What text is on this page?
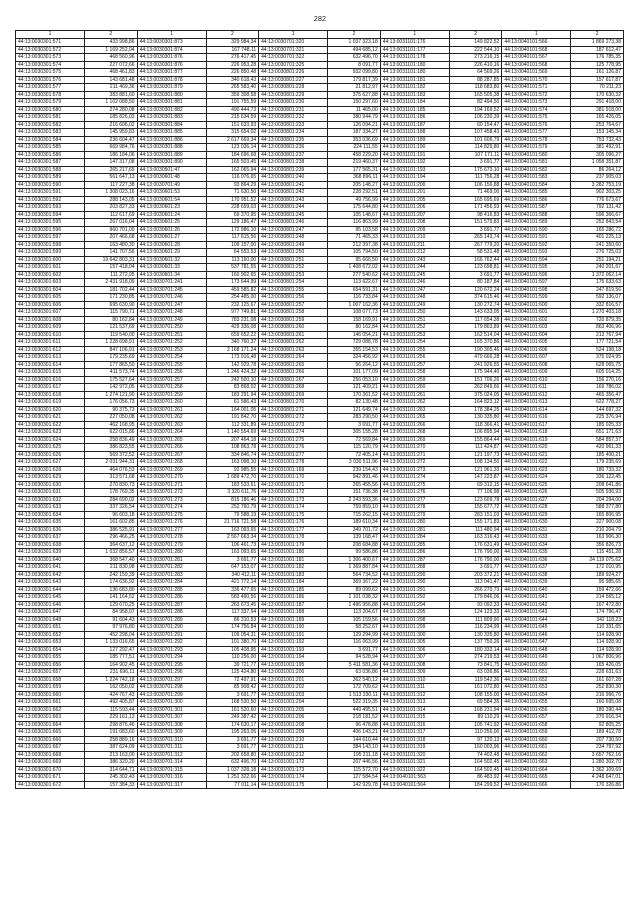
282
1	2	1	2	1	2	1	2	1	2
44:13:0030301:571	433 998,86	44:13:0030301:873	329 984,34	44:13:0030701:320	1 037 323,18	44:13:0031101:176	149 822,52	44:13:0040101:566	1 869 273,38
44:13:0030301:572	1 169 252,04	44:13:0030301:874	167 748,11	44:13:0030701:321	494 685,12	44:13:0031101:177	222 544,10	44:13:0040101:568	187 612,47
44:13:0030301:573	468 560,96	44:13:0030301:876	276 417,45	44:13:0030701:322	632 496,70	44:13:0031101:178	273 216,15	44:13:0040101:567	176 785,35
44:13:0030301:574	227 072,66	44:13:0030301:876	226 953,28	44:13:0030701:325	8 091,77	44:13:0031101:180	226 410,16	44:13:0040101:568	125 778,95
44:13:0030301:575	468 461,83	44:13:0030301:877	226 850,48	44:13:0030801:226	932 099,80	44:13:0031101:180	64 569,26	44:13:0040101:569	161 126,87
44:13:0030301:576	143 681,48	44:13:0030301:878	340 618,43	44:13:0030801:227	179 817,39	44:13:0031101:181	88 287,85	44:13:0040101:570	157 617,87
44:13:0030301:577	211 469,36	44:13:0030301:879	265 583,40	44:13:0030801:228	21 812,97	44:13:0031101:182	118 683,80	44:13:0040101:571	70 211,23
44:13:0030301:578	383 881,60	44:13:0030301:880	359 308,58	44:13:0030801:229	375 627,88	44:13:0031101:183	165 505,38	44:13:0040101:572	170 630,32
44:13:0030301:579	1 102 088,50	44:13:0030301:881	191 755,59	44:13:0030801:230	150 297,60	44:13:0031101:184	82 494,50	44:13:0040101:573	291 418,00
44:13:0030301:580	274 280,08	44:13:0030301:882	490 444,73	44:13:0030801:231	11 465,00	44:13:0031101:185	194 169,52	44:13:0040101:574	381 918,00
44:13:0030301:581	185 826,03	44:13:0030301:883	215 634,59	44:13:0030801:232	380 944,79	44:13:0031101:186	106 230,39	44:13:0040101:575	165 426,05
44:13:0030301:582	216 606,02	44:13:0030301:884	151 633,93	44:13:0030801:233	126 094,21	44:13:0031101:187	60 154,47	44:13:0040101:576	253 764,67
44:13:0030301:583	145 959,83	44:13:0030301:885	315 654,02	44:13:0030801:234	187 334,27	44:13:0031101:188	107 458,43	44:13:0040101:577	153 145,34
44:13:0030301:584	236 604,47	44:13:0030301:886	2 617 669,34	44:13:0030801:235	353 036,69	44:13:0031101:189	101 606,79	44:13:0040101:578	753 732,43
44:13:0030301:585	669 984,76	44:13:0030301:888	123 036,14	44:13:0030801:236	224 111,55	44:13:0031101:190	114 829,80	44:13:0040101:579	381 492,91
44:13:0030301:586	186 184,06	44:13:0030301:889	184 696,68	44:13:0030801:237	458 229,20	44:13:0031101:191	107 171,11	44:13:0040101:580	305 096,27
44:13:0030301:587	147 317,08	44:13:0030301:890	165 503,45	44:13:0030801:238	219 460,37	44:13:0031101:192	3 691,77	44:13:0040101:581	1 058 351,87
44:13:0030301:588	265 217,65	44:13:0030501:47	162 065,94	44:13:0030801:239	177 565,31	44:13:0031101:193	175 673,10	44:13:0040101:582	86 264,12
44:13:0030301:589	561 647,13	44:13:0030601:48	116 076,65	44:13:0030801:240	368 896,11	44:13:0031101:194	111 756,28	44:13:0040101:583	237 905,03
44:13:0030301:590	117 227,38	44:13:0030701:49	93 864,29	44:13:0030801:241	205 148,27	44:13:0031101:200	106 156,88	44:13:0040101:584	3 282 753,19
44:13:0030301:591	1 308 023,16	44:13:0030601:53	71 630,50	44:13:0030801:242	228 292,51	44:13:0031101:201	71 469,00	44:13:0040101:585	902 303,25
44:13:0030301:592	288 143,05	44:13:0030601:54	170 951,52	44:13:0030801:243	49 756,99	44:13:0031101:205	165 695,69	44:13:0040101:586	776 673,67
44:13:0030301:593	203 827,33	44:13:0030601:23	228 659,03	44:13:0030801:244	175 644,80	44:13:0031101:206	171 456,93	44:13:0040101:587	792 131,42
44:13:0030301:594	112 617,69	44:13:0030601:24	69 370,95	44:13:0030801:245	105 148,67	44:13:0031101:207	98 416,83	44:13:0040101:588	596 366,67
44:13:0030301:595	267 016,04	44:13:0030601:25	129 186,47	44:13:0030801:246	116 863,99	44:13:0031101:208	151 579,83	44:13:0040101:589	252 843,54
44:13:0030301:596	960 701,00	44:13:0030601:26	172 986,10	44:13:0030801:247	95 103,58	44:13:0031101:209	3 691,77	44:13:0040101:590	165 286,72
44:13:0030301:597	207 466,68	44:13:0030601:27	117 615,56	44:13:0030801:248	71 465,33	44:13:0031101:210	265 143,74	44:13:0040101:591	401 225,13
44:13:0030301:598	163 480,30	44:13:0030601:28	109 157,00	44:13:0030801:249	212 397,38	44:13:0031101:211	267 779,20	44:13:0040101:592	241 350,60
44:13:0030301:599	141 707,56	44:13:0030601:29	64 553,53	44:13:0030801:250	105 794,50	44:13:0031101:212	58 531,48	44:13:0040101:593	276 725,03
44:13:0030301:600	19 642 803,31	44:13:0030601:32	113 160,00	44:13:0030801:251	95 666,50	44:13:0031101:243	166 762,44	44:13:0040101:594	251 194,21
44:13:0030301:601	157 418,04	44:13:0030601:33	537 781,55	44:13:0030801:252	1 408 672,02	44:13:0031101:244	123 698,81	44:13:0040101:595	240 201,67
44:13:0030301:602	111 272,95	44:13:0030601:34	160 902,65	44:13:0030801:253	277 540,62	44:13:0031101:245	3 691,77	44:13:0040101:596	1 372 062,14
44:13:0030301:603	2 431 918,09	44:13:0030701:241	173 644,99	44:13:0030801:254	113 622,67	44:13:0031101:246	80 187,84	44:13:0040101:597	175 633,63
44:13:0030301:604	181 702,44	44:13:0030701:245	459 585,82	44:13:0030801:255	654 591,31	44:13:0031101:247	120 672,24	44:13:0040101:598	247 819,56
44:13:0030301:605	171 230,85	44:13:0030701:246	254 485,00	44:13:0030801:256	116 733,84	44:13:0031101:248	374 615,46	44:13:0040101:599	592 136,07
44:13:0030301:606	695 630,90	44:13:0030701:247	232 125,67	44:13:0030801:257	1 007 162,36	44:13:0031101:249	130 272,74	44:13:0040101:600	332 816,57
44:13:0030301:607	115 790,71	44:13:0030701:248	977 749,81	44:13:0030801:258	108 077,73	44:13:0031101:250	143 633,05	44:13:0040101:601	1 270 403,18
44:13:0030301:608	80 162,84	44:13:0030701:249	783 231,08	44:13:0030801:259	158 169,91	44:13:0031101:251	117 654,38	44:13:0040101:602	720 879,35
44:13:0030301:609	121 537,69	44:13:0030701:250	429 336,08	44:13:0030801:260	80 162,84	44:13:0031101:252	179 863,89	44:13:0040101:603	863 406,96
44:13:0030301:610	119 540,00	44:13:0030701:251	659 652,22	44:13:0030801:261	146 054,21	44:13:0031101:253	162 514,04	44:13:0040101:604	213 767,94
44:13:0030301:611	1 228 698,91	44:13:0030701:252	340 760,37	44:13:0030801:262	729 088,78	44:13:0031101:254	165 370,86	44:13:0040101:605	177 721,54
44:13:0030301:612	847 106,91	44:13:0030701:253	2 168 171,24	44:13:0030801:263	355 154,53	44:13:0031101:255	190 305,46	44:13:0040101:606	524 198,18
44:13:0030301:613	179 235,69	44:13:0030701:254	173 916,48	44:13:0030801:264	324 456,92	44:13:0031101:256	479 666,28	44:13:0040101:607	375 024,95
44:13:0030301:614	177 865,50	44:13:0030701:255	142 929,78	44:13:0030801:265	56 264,12	44:13:0031101:257	241 926,55	44:13:0040101:608	628 065,75
44:13:0030301:615	411 573,74	44:13:0030701:256	1 246 424,32	44:13:0030801:266	101 177,09	44:13:0031101:258	175 944,40	44:13:0040101:609	605 014,25
44:13:0030301:616	175 527,64	44:13:0030701:257	242 500,10	44:13:0030801:267	256 053,10	44:13:0031101:259	151 706,26	44:13:0040101:610	156 270,16
44:13:0030301:617	142 972,05	44:13:0030701:258	83 868,02	44:13:0030801:268	121 409,21	44:13:0031101:260	262 849,66	44:13:0040101:611	169 786,02
44:13:0030301:618	1 274 121,90	44:13:0030701:259	183 291,94	44:13:0030801:269	170 361,52	44:13:0031101:261	375 024,05	44:13:0040101:612	465 356,47
44:13:0030301:619	176 056,73	44:13:0030701:260	61 586,43	44:13:0030801:270	82 130,48	44:13:0031101:262	164 823,12	44:13:0040101:613	622 778,27
44:13:0030301:620	90 375,73	44:13:0030701:261	164 001,05	44:13:0030801:271	121 649,74	44:13:0031101:263	178 384,25	44:13:0040101:614	144 697,32
44:13:0030301:621	227 050,08	44:13:0030701:262	191 842,70	44:13:0030801:272	283 290,50	44:13:0031101:265	130 335,80	44:13:0040101:616	225 376,94
44:13:0030301:622	462 168,95	44:13:0030701:263	112 331,89	44:13:0031001:273	3 691,77	44:13:0031101:266	118 366,41	44:13:0040101:617	185 025,33
44:13:0030301:623	622 015,86	44:13:0030701:264	1 140 554,69	44:13:0031001:274	305 155,28	44:13:0031101:268	106 895,94	44:13:0040101:618	651 171,63
44:13:0030301:624	258 836,49	44:13:0030701:265	207 464,18	44:13:0031001:275	72 569,84	44:13:0031101:269	155 864,44	44:13:0040101:619	584 857,37
44:13:0030301:625	386 823,55	44:13:0030701:266	108 863,78	44:13:0031001:276	115 120,79	44:13:0031101:270	111 424,87	44:13:0040101:620	420 961,33
44:13:0030301:626	569 372,52	44:13:0030701:267	334 846,74	44:13:0031001:277	72 405,14	44:13:0031101:271	121 197,73	44:13:0040101:621	185 400,21
44:13:0030301:627	2 031 944,31	44:13:0030701:268	163 098,10	44:13:0031001:278	3 030 511,96	44:13:0031101:272	108 134,50	44:13:0040101:622	179 235,69
44:13:0030301:628	464 076,53	44:13:0030701:269	92 985,55	44:13:0031001:169	239 154,43	44:13:0031101:273	121 961,33	44:13:0040101:623	180 733,32
44:13:0030301:629	313 571,68	44:13:0030701:270	1 689 472,70	44:13:0031001:170	942 891,46	44:13:0031101:274	147 223,87	44:13:0040101:624	336 122,45
44:13:0030301:630	270 830,73	44:13:0030701:271	183 533,61	44:13:0031001:171	265 455,56	44:13:0031101:275	69 312,15	44:13:0040101:625	208 641,86
44:13:0030301:631	178 769,35	44:13:0030701:272	3 320 611,76	44:13:0031001:172	151 736,38	44:13:0031101:276	77 106,98	44:13:0040101:626	505 936,93
44:13:0030301:632	284 690,02	44:13:0030701:273	815 186,46	44:13:0031001:173	2 243 593,36	44:13:0031101:277	123 609,78	44:13:0040101:627	204 294,00
44:13:0030301:633	337 326,54	44:13:0030701:274	252 760,79	44:13:0031001:174	759 859,10	44:13:0031101:278	155 677,72	44:13:0040101:628	588 377,80
44:13:0030301:634	96 603,18	44:13:0030701:275	79 588,19	44:13:0031001:175	715 262,15	44:13:0031101:279	283 151,03	44:13:0040101:629	165 806,95
44:13:0030301:635	161 602,85	44:13:0030701:276	21 716 721,58	44:13:0031001:176	189 610,34	44:13:0031101:280	155 171,83	44:13:0040101:630	227 900,08
44:13:0030301:636	386 525,91	44:13:0030701:277	163 093,65	44:13:0031001:177	349 701,72	44:13:0031101:281	111 480,94	44:13:0040101:631	210 204,79
44:13:0030301:637	296 466,25	44:13:0030701:278	2 567 663,34	44:13:0031001:178	139 168,47	44:13:0031101:284	163 316,43	44:13:0040101:633	163 906,30
44:13:0030301:638	364 637,12	44:13:0030701:279	106 461,73	44:13:0031001:179	208 684,88	44:13:0031101:285	176 631,49	44:13:0040101:634	356 826,73
44:13:0030301:639	1 032 856,57	44:13:0030701:280	163 093,65	44:13:0031001:180	99 586,86	44:13:0031101:286	176 790,00	44:13:0040101:635	115 451,28
44:13:0030301:640	368 547,40	44:13:0030701:281	3 691,77	44:13:0031001:181	1 306 400,67	44:13:0031101:287	176 790,00	44:13:0040101:636	24 119 075,62
44:13:0030301:641	211 830,98	44:13:0030701:282	647 153,07	44:13:0031001:182	1 369 887,84	44:13:0031101:288	3 691,77	44:13:0040101:637	172 010,95
44:13:0030301:642	242 159,39	44:13:0030701:283	340 412,11	44:13:0031001:183	564 734,52	44:13:0031101:290	203 372,21	44:13:0040101:638	189 924,27
44:13:0030301:643	174 636,92	44:13:0030701:284	421 772,14	44:13:0031001:184	369 367,22	44:13:0031101:290	113 041,47	44:13:0040101:639	95 985,65
44:13:0030301:644	136 683,80	44:13:0030701:285	336 477,65	44:13:0031001:185	89 099,62	44:13:0031101:291	266 270,73	44:13:0040101:640	159 472,66
44:13:0030301:645	141 164,52	44:13:0030701:286	583 490,56	44:13:0031001:186	1 101 038,32	44:13:0031101:292	179 846,06	44:13:0040101:641	214 565,12
44:13:0030301:646	129 670,25	44:13:0030701:287	263 673,45	44:13:0031001:187	1 496 956,88	44:13:0031101:294	93 092,33	44:13:0040101:642	167 472,80
44:13:0030301:647	84 958,07	44:13:0030701:288	117 337,94	44:13:0031001:188	113 204,67	44:13:0031101:295	124 123,33	44:13:0040101:643	174 796,47
44:13:0030301:648	91 604,43	44:13:0030701:289	86 310,53	44:13:0031001:189	105 159,56	44:13:0031101:298	111 809,90	44:13:0040101:644	342 118,23
44:13:0030301:651	97 976,80	44:13:0030701:290	174 756,84	44:13:0031001:190	58 252,67	44:13:0031101:299	116 234,99	44:13:0040101:645	110 331,65
44:13:0030301:652	452 298,04	44:13:0030701:291	109 054,31	44:13:0031001:191	129 294,99	44:13:0031101:300	130 335,80	44:13:0040101:646	114 928,90
44:13:0030301:653	1 133 016,65	44:13:0030701:292	101 380,70	44:13:0031001:192	116 063,99	44:13:0031101:305	137 750,26	44:13:0040101:647	114 928,90
44:13:0030301:654	127 292,47	44:13:0030701:293	105 408,95	44:13:0031001:193	3 691,77	44:13:0031101:306	180 332,14	44:13:0040101:648	114 928,90
44:13:0030301:655	185 777,51	44:13:0030701:294	110 256,00	44:13:0031001:194	94 528,94	44:13:0031101:307	274 219,53	44:13:0040101:649	1 067 806,96
44:13:0030301:656	164 902,45	44:13:0030701:295	39 721,77	44:13:0031001:195	5 411 581,36	44:13:0031101:308	73 841,75	44:13:0040101:650	165 426,05
44:13:0030301:657	231 696,11	44:13:0030701:296	125 424,80	44:13:0031001:200	63 036,86	44:13:0031101:309	63 036,86	44:13:0040101:651	228 631,63
44:13:0030301:658	1 224 742,18	44:13:0030701:297	72 497,91	44:13:0031001:201	362 540,12	44:13:0031101:310	119 542,36	44:13:0040101:652	161 607,28
44:13:0030301:659	162 050,02	44:13:0030701:298	85 908,42	44:13:0031001:202	172 709,62	44:13:0031101:311	161 072,80	44:13:0040101:653	252 830,30
44:13:0030301:660	424 767,43	44:13:0030701:299	3 691,77	44:13:0031001:203	1 513 330,11	44:13:0031101:312	108 155,00	44:13:0040101:654	216 996,76
44:13:0030301:661	492 405,87	44:13:0030701:300	168 530,50	44:13:0031001:204	522 319,35	44:13:0031101:313	69 584,35	44:13:0040101:655	160 695,08
44:13:0030301:662	115 593,44	44:13:0030701:301	161 520,60	44:13:0031001:205	449 495,51	44:13:0031101:314	168 231,94	44:13:0040101:656	180 390,44
44:13:0030301:663	229 161,13	44:13:0030701:307	249 387,42	44:13:0031001:206	218 181,52	44:13:0031101:315	89 110,29	44:13:0040101:657	270 916,34
44:13:0030301:664	298 876,46	44:13:0030701:308	174 630,17	44:13:0031001:208	96 478,88	44:13:0031101:316	105 741,92	44:13:0040101:658	92 805,25
44:13:0030301:665	191 083,60	44:13:0030701:309	195 263,05	44:13:0031001:209	406 143,21	44:13:0031101:317	110 256,00	44:13:0040101:659	189 412,78
44:13:0030301:666	258 889,16	44:13:0030701:310	3 691,77	44:13:0031001:210	144 610,44	44:13:0031101:318	97 120,13	44:13:0040101:660	207 730,50
44:13:0030301:667	387 624,09	44:13:0030701:311	3 691,77	44:13:0031001:211	384 143,10	44:13:0031101:319	160 003,96	44:13:0040101:661	234 797,92
44:13:0030301:668	213 163,00	44:13:0030701:312	202 658,80	44:13:0031001:212	195 211,18	44:13:0031101:320	74 402,48	44:13:0040101:662	3 657 762,16
44:13:0030301:669	386 320,20	44:13:0030701:314	632 496,70	44:13:0031001:172	207 446,56	44:13:0031101:321	164 502,45	44:13:0040101:663	1 280 302,70
44:13:0030301:670	314 644,71	44:13:0030701:315	1 037 328,18	44:13:0031001:173	115 572,70	44:13:0031101:322	164 502,45	44:13:0040101:664	1 362 109,69
44:13:0030301:671	245 302,43	44:13:0030701:316	1 251 322,66	44:13:0031001:174	127 584,54	44:13:0040101:563	86 483,92	44:13:0040101:665	4 248 647,01
44:13:0030301:672	157 384,33	44:13:0030701:317	77 011,14	44:13:0031001:175	142 929,78	44:13:0040101:564	184 299,52	44:13:0040101:666	170 326,86
